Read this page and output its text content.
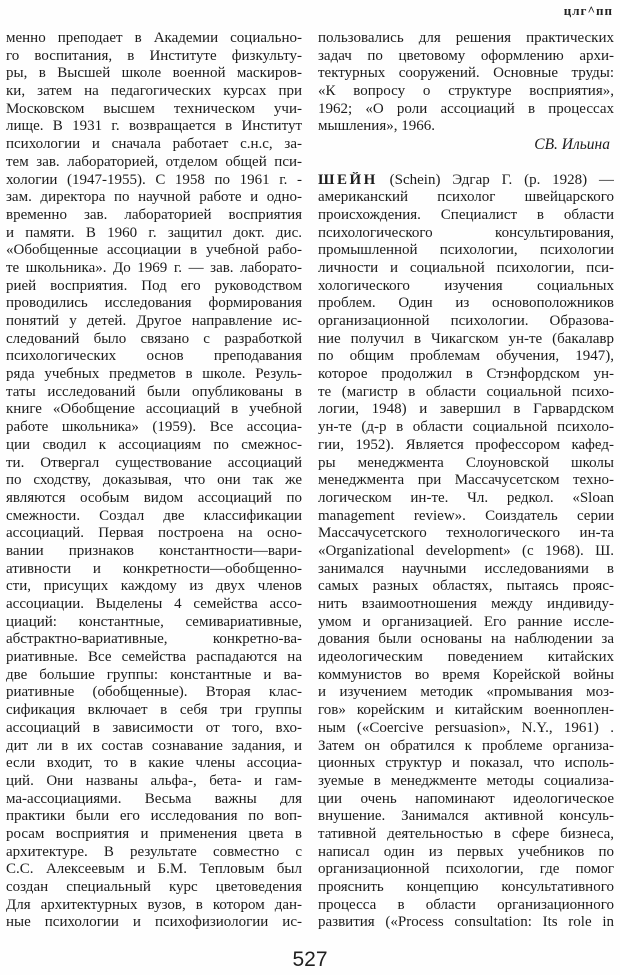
цлг^пп
менно преподает в Академии социально-
го воспитания, в Институте физкульту-
ры, в Высшей школе военной маскиров-
ки, затем на педагогических курсах при
Московском высшем техническом учи-
лище. В 1931 г. возвращается в Институт
психологии и сначала работает с.н.с, за-
тем зав. лабораторией, отделом общей пси-
хологии (1947-1955). С 1958 по 1961 г. -
зам. директора по научной работе и одно-
временно зав. лабораторией восприятия
и памяти. В 1960 г. защитил докт. дис.
«Обобщенные ассоциации в учебной рабо-
те школьника». До 1969 г. — зав. лаборато-
рией восприятия. Под его руководством
проводились исследования формирования
понятий у детей. Другое направление ис-
следований было связано с разработкой
психологических основ преподавания
ряда учебных предметов в школе. Резуль-
таты исследований были опубликованы в
книге «Обобщение ассоциаций в учебной
работе школьника» (1959). Все ассоциа-
ции сводил к ассоциациям по смежнос-
ти. Отвергал существование ассоциаций
по сходству, доказывая, что они так же
являются особым видом ассоциаций по
смежности. Создал две классификации
ассоциаций. Первая построена на осно-
вании признаков константности—вари-
ативности и конкретности—обобщенно-
сти, присущих каждому из двух членов
ассоциации. Выделены 4 семейства ассо-
циаций: константные, семивариативные,
абстрактно-вариативные, конкретно-ва-
риативные. Все семейства распадаются на
две большие группы: константные и ва-
риативные (обобщенные). Вторая клас-
сификация включает в себя три группы
ассоциаций в зависимости от того, вхо-
дит ли в их состав сознавание задания, и
если входит, то в какие члены ассоциа-
ций. Они названы альфа-, бета- и гам-
ма-ассоциациями. Весьма важны для
практики были его исследования по воп-
росам восприятия и применения цвета в
архитектуре. В результате совместно с
С.С. Алексеевым и Б.М. Тепловым был
создан специальный курс цветоведения
Для архитектурных вузов, в котором дан-
ные психологии и психофизиологии ис-
пользовались для решения практических
задач по цветовому оформлению архи-
тектурных сооружений. Основные труды:
«К вопросу о структуре восприятия»,
1962; «О роли ассоциаций в процессах
мышления», 1966.
СВ. Ильина
ШЕЙН (Schein) Эдгар Г. (р. 1928) —
американский психолог швейцарского
происхождения. Специалист в области
психологического консультирования,
промышленной психологии, психологии
личности и социальной психологии, пси-
хологического изучения социальных
проблем. Один из основоположников
организационной психологии. Образова-
ние получил в Чикагском ун-те (бакалавр
по общим проблемам обучения, 1947),
которое продолжил в Стэнфордском ун-
те (магистр в области социальной психо-
логии, 1948) и завершил в Гарвардском
ун-те (д-р в области социальной психоло-
гии, 1952). Является профессором кафед-
ры менеджмента Слоуновской школы
менеджмента при Массачусетском техно-
логическом ин-те. Чл. редкол. «Sloan
management review». Соиздатель серии
Массачусетского технологического ин-та
«Organizational development» (с 1968). Ш.
занимался научными исследованиями в
самых разных областях, пытаясь прояс-
нить взаимоотношения между индивиду-
умом и организацией. Его ранние иссле-
дования были основаны на наблюдении за
идеологическим поведением китайских
коммунистов во время Корейской войны
и изучением методик «промывания моз-
гов» корейским и китайским военноплен-
ным («Coercive persuasion», N.Y., 1961) .
Затем он обратился к проблеме организа-
ционных структур и показал, что исполь-
зуемые в менеджменте методы социализа-
ции очень напоминают идеологическое
внушение. Занимался активной консуль-
тативной деятельностью в сфере бизнеса,
написал один из первых учебников по
организационной психологии, где помог
прояснить концепцию консультативного
процесса в области организационного
развития («Process consultation: Its role in
527
